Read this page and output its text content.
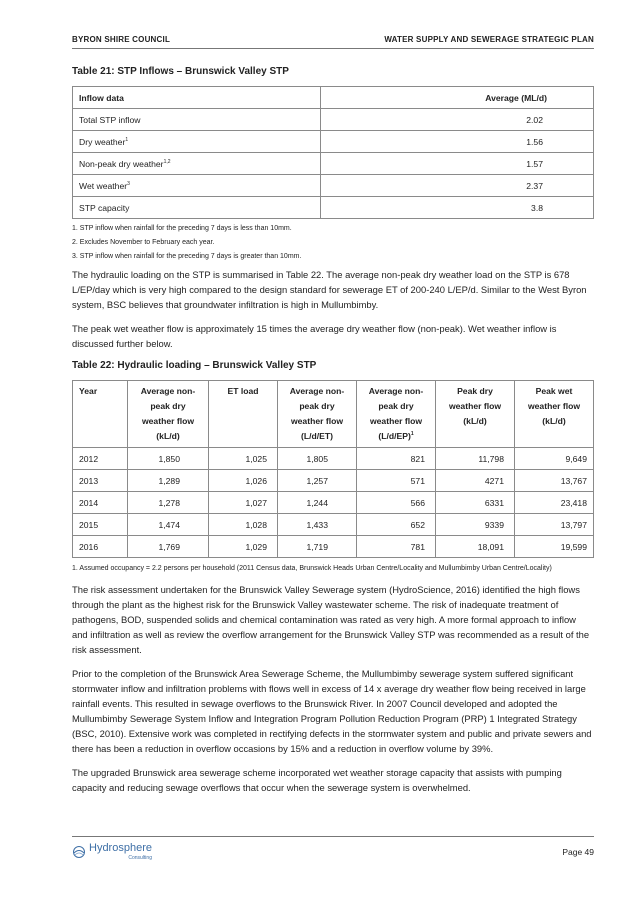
BYRON SHIRE COUNCIL	WATER SUPPLY AND SEWERAGE STRATEGIC PLAN
Table 21: STP Inflows – Brunswick Valley STP
Inflow data	Average (ML/d)
Total STP inflow	2.02
Dry weather$^1$	1.56
Non-peak dry weather$^{1,2}$	1.57
Wet weather$^3$	2.37
STP capacity	3.8
1. STP inflow when rainfall for the preceding 7 days is less than 10mm.
2. Excludes November to February each year.
3. STP inflow when rainfall for the preceding 7 days is greater than 10mm.

The hydraulic loading on the STP is summarised in Table 22. The average non-peak dry weather load on the STP is 678 L/EP/day which is very high compared to the design standard for sewerage ET of 200-240 L/EP/d. Similar to the West Byron system, BSC believes that groundwater infiltration is high in Mullumbimby.

The peak wet weather flow is approximately 15 times the average dry weather flow (non-peak). Wet weather inflow is discussed further below.

Table 22: Hydraulic loading – Brunswick Valley STP
Year	Average non-peak dry weather flow (kL/d)	ET load	Average non-peak dry weather flow (L/d/ET)	Average non-peak dry weather flow $(L/d/EP)^1$	Peak dry weather flow (kL/d)	Peak wet weather flow (kL/d)
2012	1,850	1,025	1,805	821	11,798	9,649
2013	1,289	1,026	1,257	571	4271	13,767
2014	1,278	1,027	1,244	566	6331	23,418
2015	1,474	1,028	1,433	652	9339	13,797
2016	1,769	1,029	1,719	781	18,091	19,599
1. Assumed occupancy = 2.2 persons per household (2011 Census data, Brunswick Heads Urban Centre/Locality and Mullumbimby Urban Centre/Locality)

The risk assessment undertaken for the Brunswick Valley Sewerage system (HydroScience, 2016) identified the high flows through the plant as the highest risk for the Brunswick Valley wastewater scheme. The risk of inadequate treatment of pathogens, BOD, suspended solids and chemical contamination was rated as very high. A more formal approach to inflow and infiltration as well as review the overflow arrangement for the Brunswick Valley STP was recommended as a result of the risk assessment.

Prior to the completion of the Brunswick Area Sewerage Scheme, the Mullumbimby sewerage system suffered significant stormwater inflow and infiltration problems with flows well in excess of 14 x average dry weather flow being received in large rainfall events. This resulted in sewage overflows to the Brunswick River. In 2007 Council developed and adopted the Mullumbimby Sewerage System Inflow and Integration Program Pollution Reduction Program (PRP) 1 Integrated Strategy (BSC, 2010). Extensive work was completed in rectifying defects in the stormwater system and public and private sewers and there has been a reduction in overflow occasions by 15% and a reduction in overflow volume by 39%.

The upgraded Brunswick area sewerage scheme incorporated wet weather storage capacity that assists with pumping capacity and reducing sewage overflows that occur when the sewerage system is overwhelmed.

Hydrosphere
Consulting
Page 49
